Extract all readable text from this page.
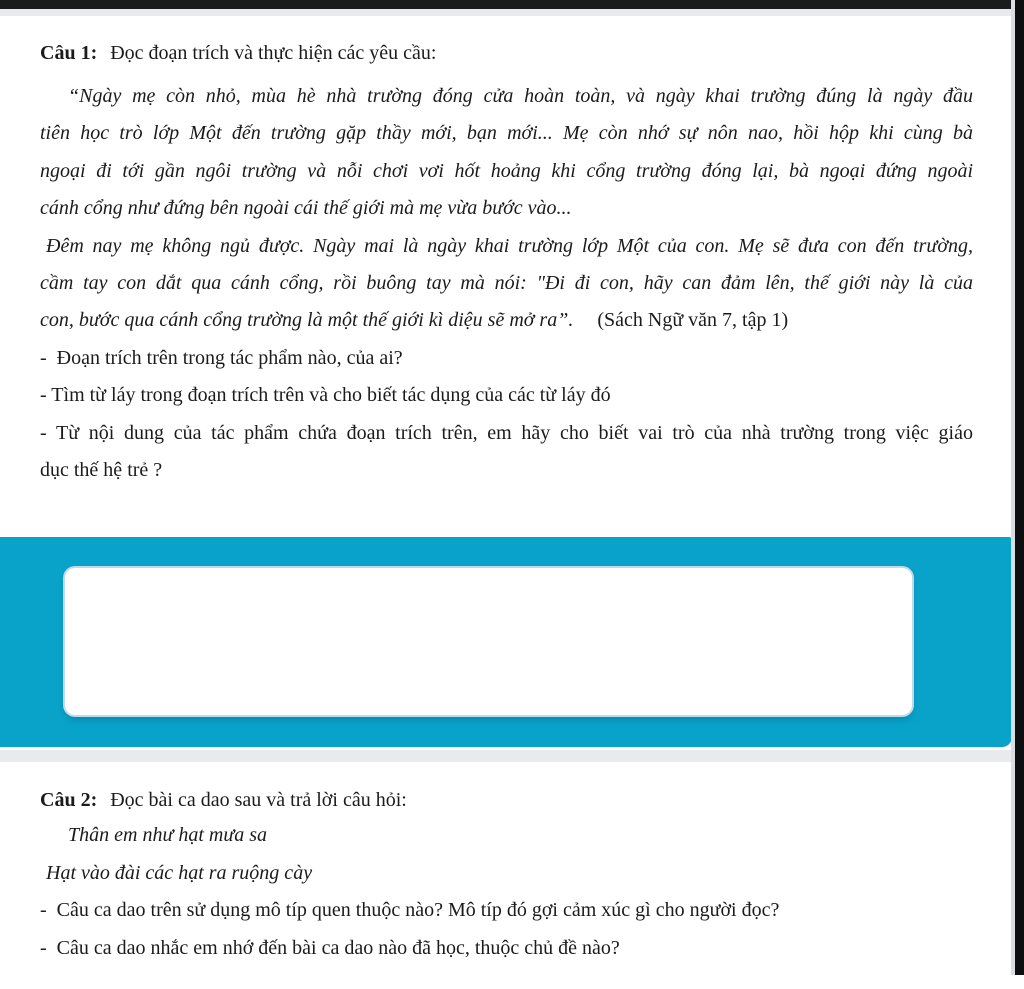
Câu 1: Đọc đoạn trích và thực hiện các yêu cầu:
“Ngày mẹ còn nhỏ, mùa hè nhà trường đóng cửa hoàn toàn, và ngày khai trường đúng là ngày đầu
tiên học trò lớp Một đến trường gặp thầy mới, bạn mới... Mẹ còn nhớ sự nôn nao, hồi hộp khi cùng bà
ngoại đi tới gần ngôi trường và nỗi chơi vơi hốt hoảng khi cổng trường đóng lại, bà ngoại đứng ngoài
cánh cổng như đứng bên ngoài cái thế giới mà mẹ vừa bước vào...
Đêm nay mẹ không ngủ được. Ngày mai là ngày khai trường lớp Một của con. Mẹ sẽ đưa con đến trường,
cầm tay con dắt qua cánh cổng, rồi buông tay mà nói: "Đi đi con, hãy can đảm lên, thế giới này là của
con, bước qua cánh cổng trường là một thế giới kì diệu sẽ mở ra”. (Sách Ngữ văn 7, tập 1)
-  Đoạn trích trên trong tác phẩm nào, của ai?
- Tìm từ láy trong đoạn trích trên và cho biết tác dụng của các từ láy đó
- Từ nội dung của tác phẩm chứa đoạn trích trên, em hãy cho biết vai trò của nhà trường trong việc giáo
dục thế hệ trẻ ?
Câu 2: Đọc bài ca dao sau và trả lời câu hỏi:
Thân em như hạt mưa sa
Hạt vào đài các hạt ra ruộng cày
-  Câu ca dao trên sử dụng mô típ quen thuộc nào? Mô típ đó gợi cảm xúc gì cho người đọc?
-  Câu ca dao nhắc em nhớ đến bài ca dao nào đã học, thuộc chủ đề nào?
